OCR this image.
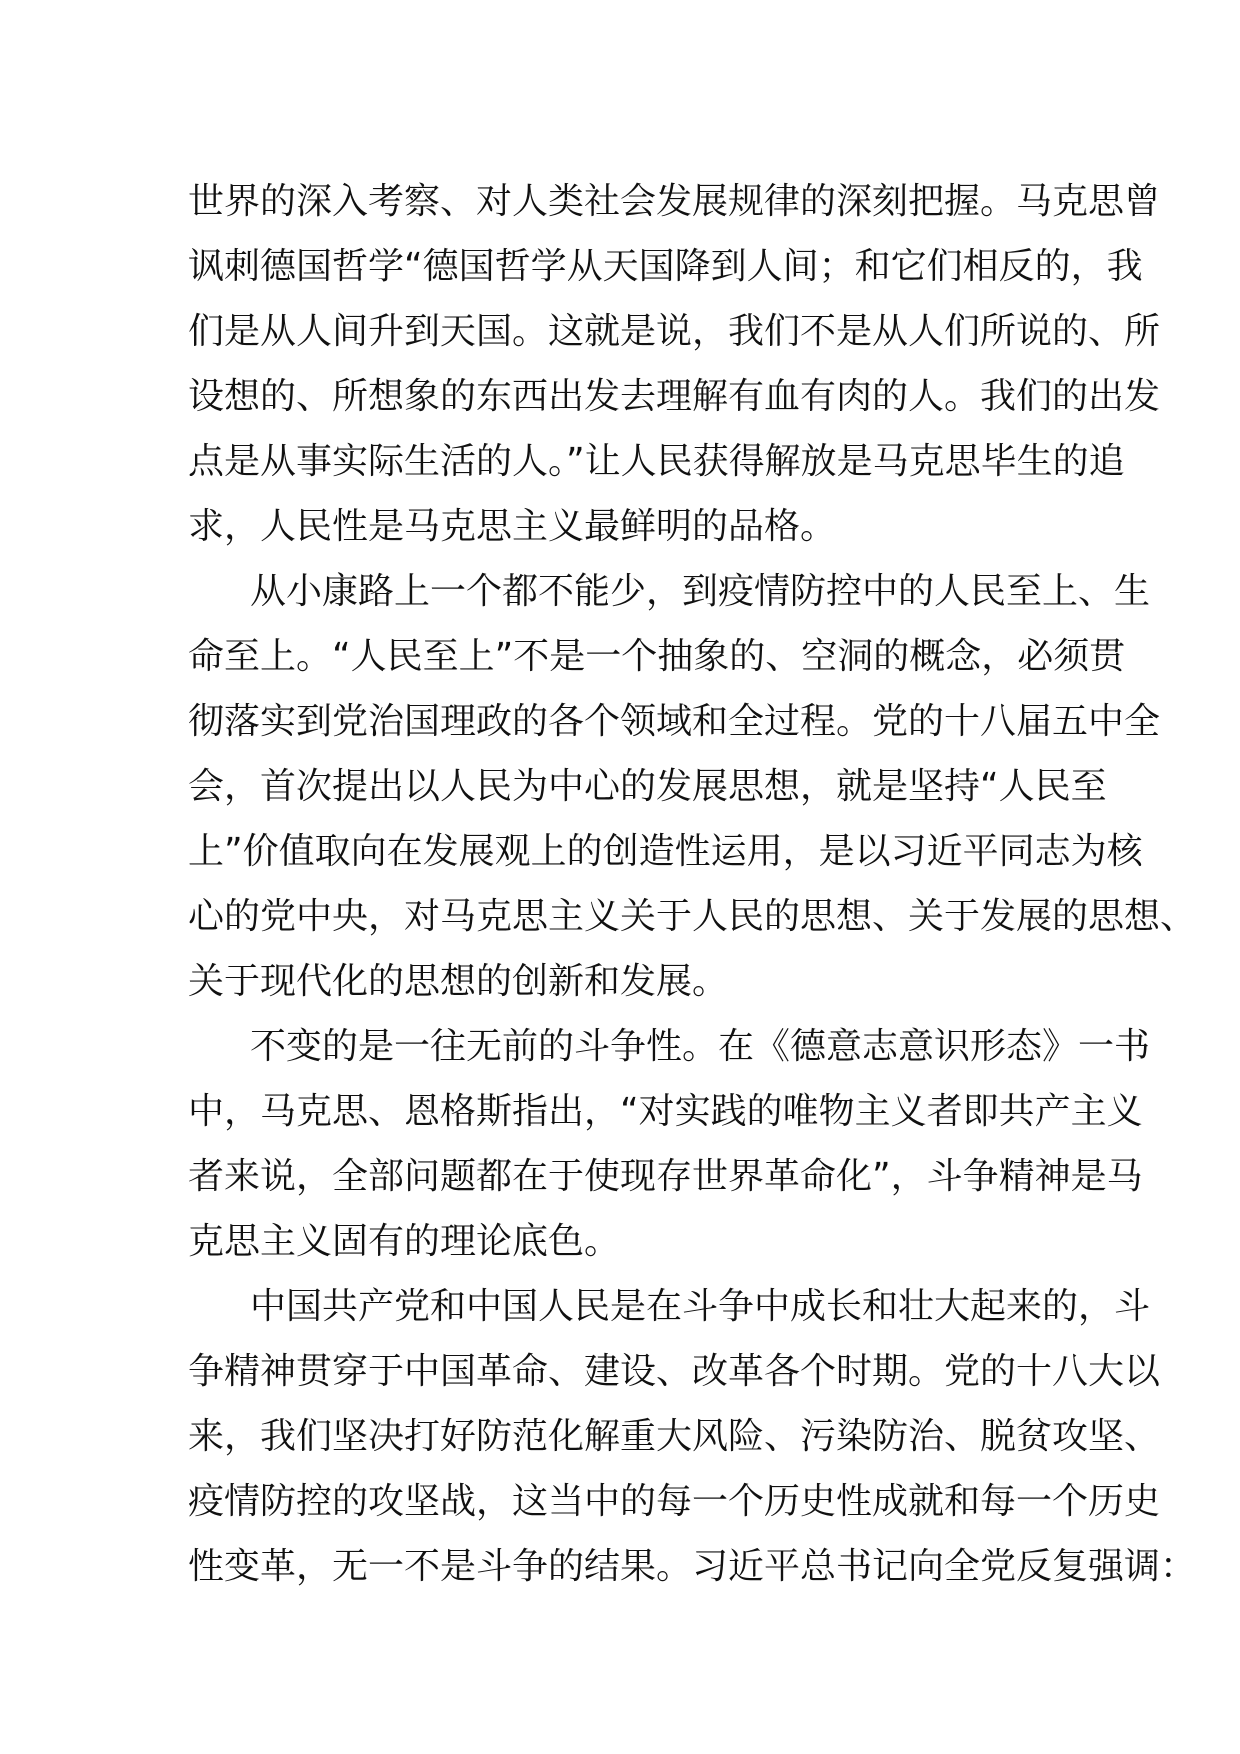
世界的深入考察、对人类社会发展规律的深刻把握。马克思曾
讽刺德国哲学“德国哲学从天国降到人间；和它们相反的，我
们是从人间升到天国。这就是说，我们不是从人们所说的、所
设想的、所想象的东西出发去理解有血有肉的人。我们的出发
点是从事实际生活的人。”让人民获得解放是马克思毕生的追
求，人民性是马克思主义最鲜明的品格。
从小康路上一个都不能少，到疫情防控中的人民至上、生
命至上。“人民至上”不是一个抽象的、空洞的概念，必须贯
彻落实到党治国理政的各个领域和全过程。党的十八届五中全
会，首次提出以人民为中心的发展思想，就是坚持“人民至
上”价值取向在发展观上的创造性运用，是以习近平同志为核
心的党中央，对马克思主义关于人民的思想、关于发展的思想、
关于现代化的思想的创新和发展。
不变的是一往无前的斗争性。在《德意志意识形态》一书
中，马克思、恩格斯指出，“对实践的唯物主义者即共产主义
者来说，全部问题都在于使现存世界革命化”，斗争精神是马
克思主义固有的理论底色。
中国共产党和中国人民是在斗争中成长和壮大起来的，斗
争精神贯穿于中国革命、建设、改革各个时期。党的十八大以
来，我们坚决打好防范化解重大风险、污染防治、脱贫攻坚、
疫情防控的攻坚战，这当中的每一个历史性成就和每一个历史
性变革，无一不是斗争的结果。习近平总书记向全党反复强调：
